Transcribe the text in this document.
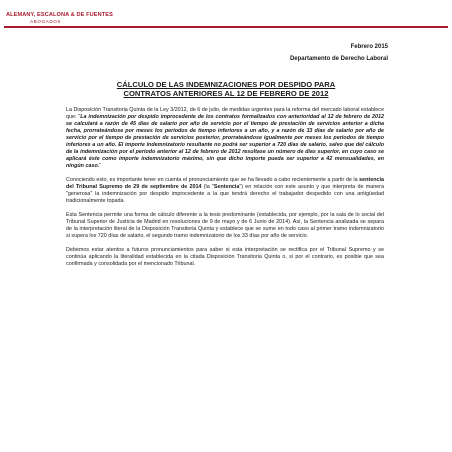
ALEMANY, ESCALONA & DE FUENTES
ABOGADOS
Febrero 2015
Departamento de Derecho Laboral
CÁLCULO DE LAS INDEMNIZACIONES POR DESPIDO PARA
CONTRATOS ANTERIORES AL 12 DE FEBRERO DE 2012

La Disposición Transitoria Quinta de la Ley 3/2012, de 6 de julio, de medidas urgentes para la reforma del mercado laboral establece que: "La indemnización por despido improcedente de los contratos formalizados con anterioridad al 12 de febrero de 2012 se calculará a razón de 45 días de salario por año de servicio por el tiempo de prestación de servicios anterior a dicha fecha, prorrateándose por meses los periodos de tiempo inferiores a un año, y a razón de 33 días de salario por año de servicio por el tiempo de prestación de servicios posterior, prorrateándose igualmente por meses los periodos de tiempo inferiores a un año. El importe indemnizatorio resultante no podrá ser superior a 720 días de salario, salvo que del cálculo de la indemnización por el periodo anterior al 12 de febrero de 2012 resultase un número de días superior, en cuyo caso se aplicará éste como importe indemnizatorio máximo, sin que dicho importe pueda ser superior a 42 mensualidades, en ningún caso."

Conociendo esto, es importante tener en cuenta el pronunciamiento que se ha llevado a cabo recientemente a partir de la sentencia del Tribunal Supremo de 29 de septiembre de 2014 (la "Sentencia") en relación con este asunto y que interpreta de manera "generosa" la indemnización por despido improcedente a la que tendrá derecho el trabajador despedido con una antigüedad tradicionalmente topada.

Esta Sentencia permite una forma de cálculo diferente a la tesis predominante (establecida, por ejemplo, por la sala de lo social del Tribunal Superior de Justicia de Madrid en resoluciones de 9 de mayo y de 6 Junio de 2014). Así, la Sentencia analizada se separa de la interpretación literal de la Disposición Transitoria Quinta y establece que se sume en todo caso al primer tramo indemnizatorio si supera los 720 días de salario, el segundo tramo indemnizatorio de los 33 días por año de servicio.

Debemos estar atentos a futuros pronunciamientos para saber si esta interpretación se rectifica por el Tribunal Supremo y se continúa aplicando la literalidad establecida en la citada Disposición Transitoria Quinta o, si por el contrario, es posible que sea confirmada y consolidada por el mencionado Tribunal.
